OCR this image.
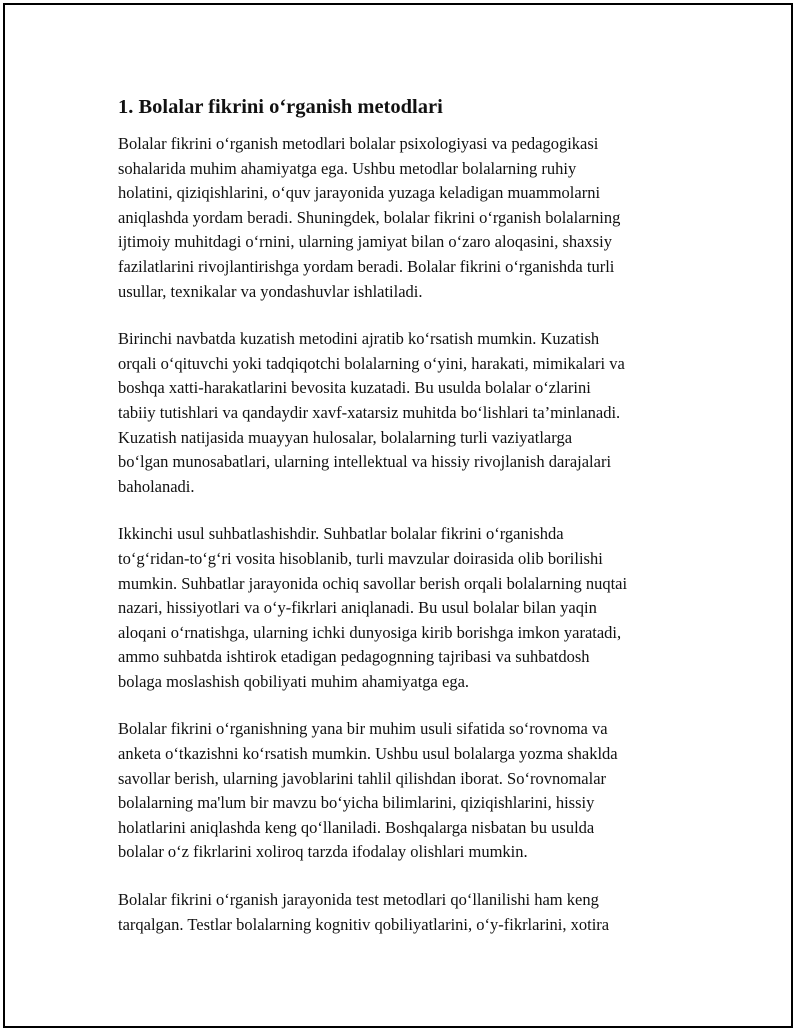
1. Bolalar fikrini o‘rganish metodlari

Bolalar fikrini o‘rganish metodlari bolalar psixologiyasi va pedagogikasi
sohalarida muhim ahamiyatga ega. Ushbu metodlar bolalarning ruhiy
holatini, qiziqishlarini, o‘quv jarayonida yuzaga keladigan muammolarni
aniqlashda yordam beradi. Shuningdek, bolalar fikrini o‘rganish bolalarning
ijtimoiy muhitdagi o‘rnini, ularning jamiyat bilan o‘zaro aloqasini, shaxsiy
fazilatlarini rivojlantirishga yordam beradi. Bolalar fikrini o‘rganishda turli
usullar, texnikalar va yondashuvlar ishlatiladi.

Birinchi navbatda kuzatish metodini ajratib ko‘rsatish mumkin. Kuzatish
orqali o‘qituvchi yoki tadqiqotchi bolalarning o‘yini, harakati, mimikalari va
boshqa xatti-harakatlarini bevosita kuzatadi. Bu usulda bolalar o‘zlarini
tabiiy tutishlari va qandaydir xavf-xatarsiz muhitda bo‘lishlari ta’minlanadi.
Kuzatish natijasida muayyan hulosalar, bolalarning turli vaziyatlarga
bo‘lgan munosabatlari, ularning intellektual va hissiy rivojlanish darajalari
baholanadi.

Ikkinchi usul suhbatlashishdir. Suhbatlar bolalar fikrini o‘rganishda
to‘g‘ridan-to‘g‘ri vosita hisoblanib, turli mavzular doirasida olib borilishi
mumkin. Suhbatlar jarayonida ochiq savollar berish orqali bolalarning nuqtai
nazari, hissiyotlari va o‘y-fikrlari aniqlanadi. Bu usul bolalar bilan yaqin
aloqani o‘rnatishga, ularning ichki dunyosiga kirib borishga imkon yaratadi,
ammo suhbatda ishtirok etadigan pedagognning tajribasi va suhbatdosh
bolaga moslashish qobiliyati muhim ahamiyatga ega.

Bolalar fikrini o‘rganishning yana bir muhim usuli sifatida so‘rovnoma va
anketa o‘tkazishni ko‘rsatish mumkin. Ushbu usul bolalarga yozma shaklda
savollar berish, ularning javoblarini tahlil qilishdan iborat. So‘rovnomalar
bolalarning ma'lum bir mavzu bo‘yicha bilimlarini, qiziqishlarini, hissiy
holatlarini aniqlashda keng qo‘llaniladi. Boshqalarga nisbatan bu usulda
bolalar o‘z fikrlarini xoliroq tarzda ifodalay olishlari mumkin.

Bolalar fikrini o‘rganish jarayonida test metodlari qo‘llanilishi ham keng
tarqalgan. Testlar bolalarning kognitiv qobiliyatlarini, o‘y-fikrlarini, xotira
